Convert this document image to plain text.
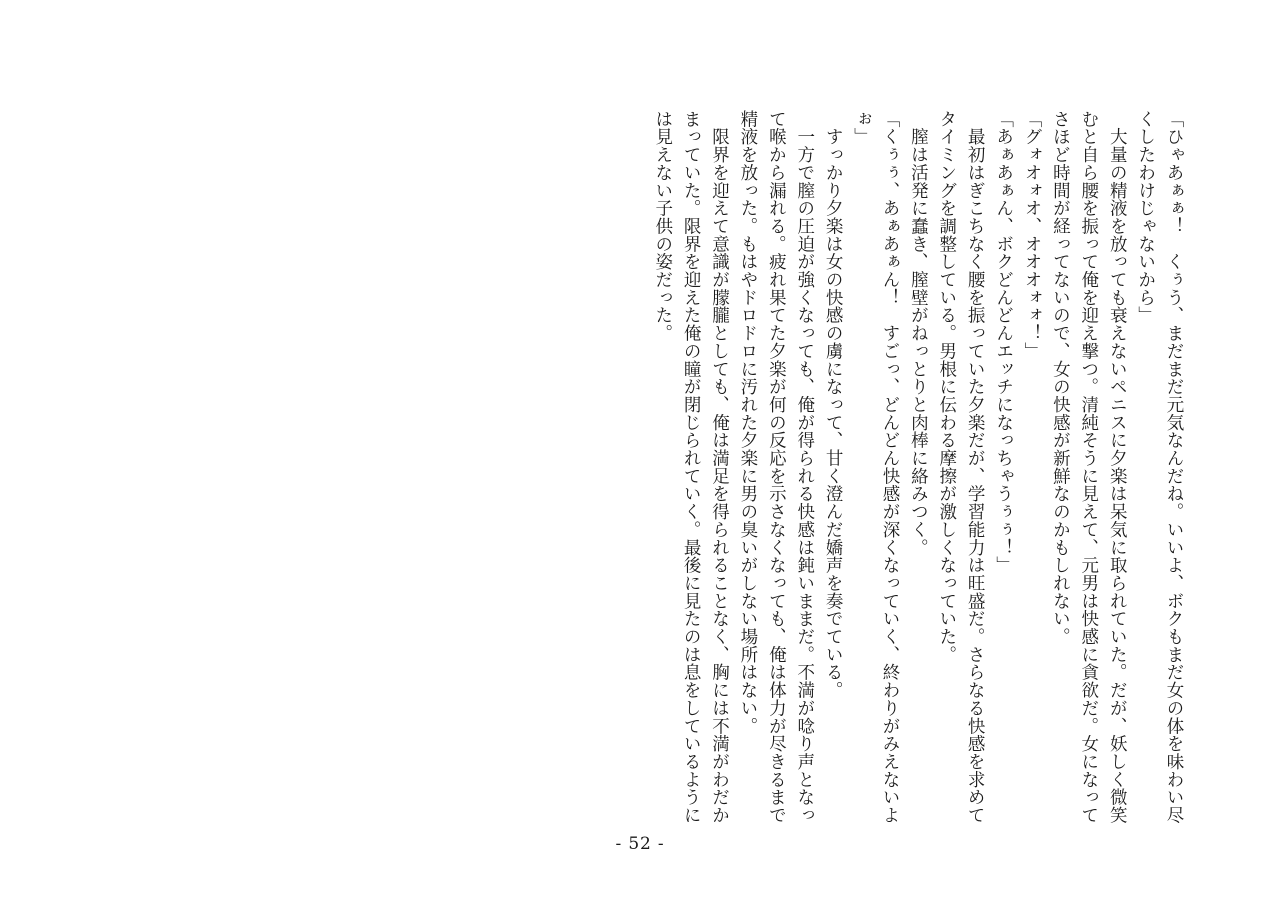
「ひゃあぁぁ！　くぅう、まだまだ元気なんだね。いいよ、ボクもまだ女の体を味わい尽くしたわけじゃないから」

　大量の精液を放っても衰えないペニスに夕楽は呆気に取られていた。だが、妖しく微笑むと自ら腰を振って俺を迎え撃つ。清純そうに見えて、元男は快感に貪欲だ。女になってさほど時間が経ってないので、女の快感が新鮮なのかもしれない。

「グォオォオ、オオオォォ！」

「あぁあぁん、ボクどんどんエッチになっちゃうぅぅ！」

　最初はぎこちなく腰を振っていた夕楽だが、学習能力は旺盛だ。さらなる快感を求めてタイミングを調整している。男根に伝わる摩擦が激しくなっていた。

　膣は活発に蠢き、膣壁がねっとりと肉棒に絡みつく。

「くぅぅ、あぁあぁん！　すごっ、どんどん快感が深くなっていく、終わりがみえないよぉ」

　すっかり夕楽は女の快感の虜になって、甘く澄んだ嬌声を奏でている。

　一方で膣の圧迫が強くなっても、俺が得られる快感は鈍いままだ。不満が唸り声となって喉から漏れる。疲れ果てた夕楽が何の反応を示さなくなっても、俺は体力が尽きるまで精液を放った。もはやドロドロに汚れた夕楽に男の臭いがしない場所はない。

　限界を迎えて意識が朦朧としても、俺は満足を得られることなく、胸には不満がわだかまっていた。限界を迎えた俺の瞳が閉じられていく。最後に見たのは息をしているようには見えない子供の姿だった。

- 52 -
